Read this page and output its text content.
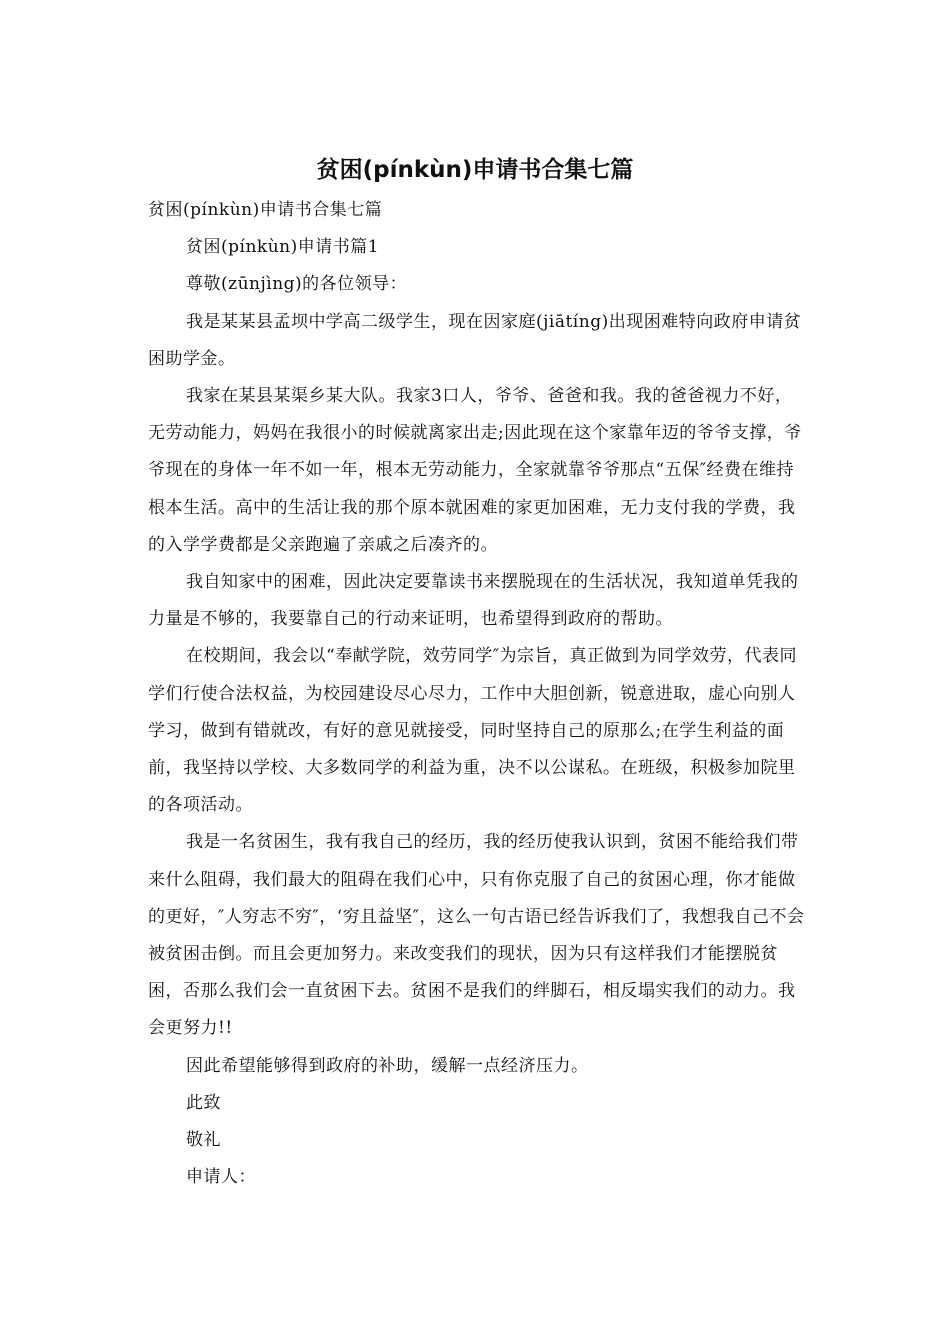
贫困(pínkùn)申请书合集七篇

贫困(pínkùn)申请书合集七篇

贫困(pínkùn)申请书篇1

尊敬(zūnjìng)的各位领导：

我是某某县孟坝中学高二级学生，现在因家庭(jiātíng)出现困难特向政府申请贫困助学金。

我家在某县某渠乡某大队。我家3口人，爷爷、爸爸和我。我的爸爸视力不好，无劳动能力，妈妈在我很小的时候就离家出走;因此现在这个家靠年迈的爷爷支撑，爷爷现在的身体一年不如一年，根本无劳动能力，全家就靠爷爷那点“五保″经费在维持根本生活。高中的生活让我的那个原本就困难的家更加困难，无力支付我的学费，我的入学学费都是父亲跑遍了亲戚之后凑齐的。

我自知家中的困难，因此决定要靠读书来摆脱现在的生活状况，我知道单凭我的力量是不够的，我要靠自己的行动来证明，也希望得到政府的帮助。

在校期间，我会以“奉献学院，效劳同学″为宗旨，真正做到为同学效劳，代表同学们行使合法权益，为校园建设尽心尽力，工作中大胆创新，锐意进取，虚心向别人学习，做到有错就改，有好的意见就接受，同时坚持自己的原那么;在学生利益的面前，我坚持以学校、大多数同学的利益为重，决不以公谋私。在班级，积极参加院里的各项活动。

我是一名贫困生，我有我自己的经历，我的经历使我认识到，贫困不能给我们带来什么阻碍，我们最大的阻碍在我们心中，只有你克服了自己的贫困心理，你才能做的更好，″人穷志不穷″，‘穷且益坚″，这么一句古语已经告诉我们了，我想我自己不会被贫困击倒。而且会更加努力。来改变我们的现状，因为只有这样我们才能摆脱贫困，否那么我们会一直贫困下去。贫困不是我们的绊脚石，相反塌实我们的动力。我会更努力!!

因此希望能够得到政府的补助，缓解一点经济压力。

此致

敬礼

申请人：
